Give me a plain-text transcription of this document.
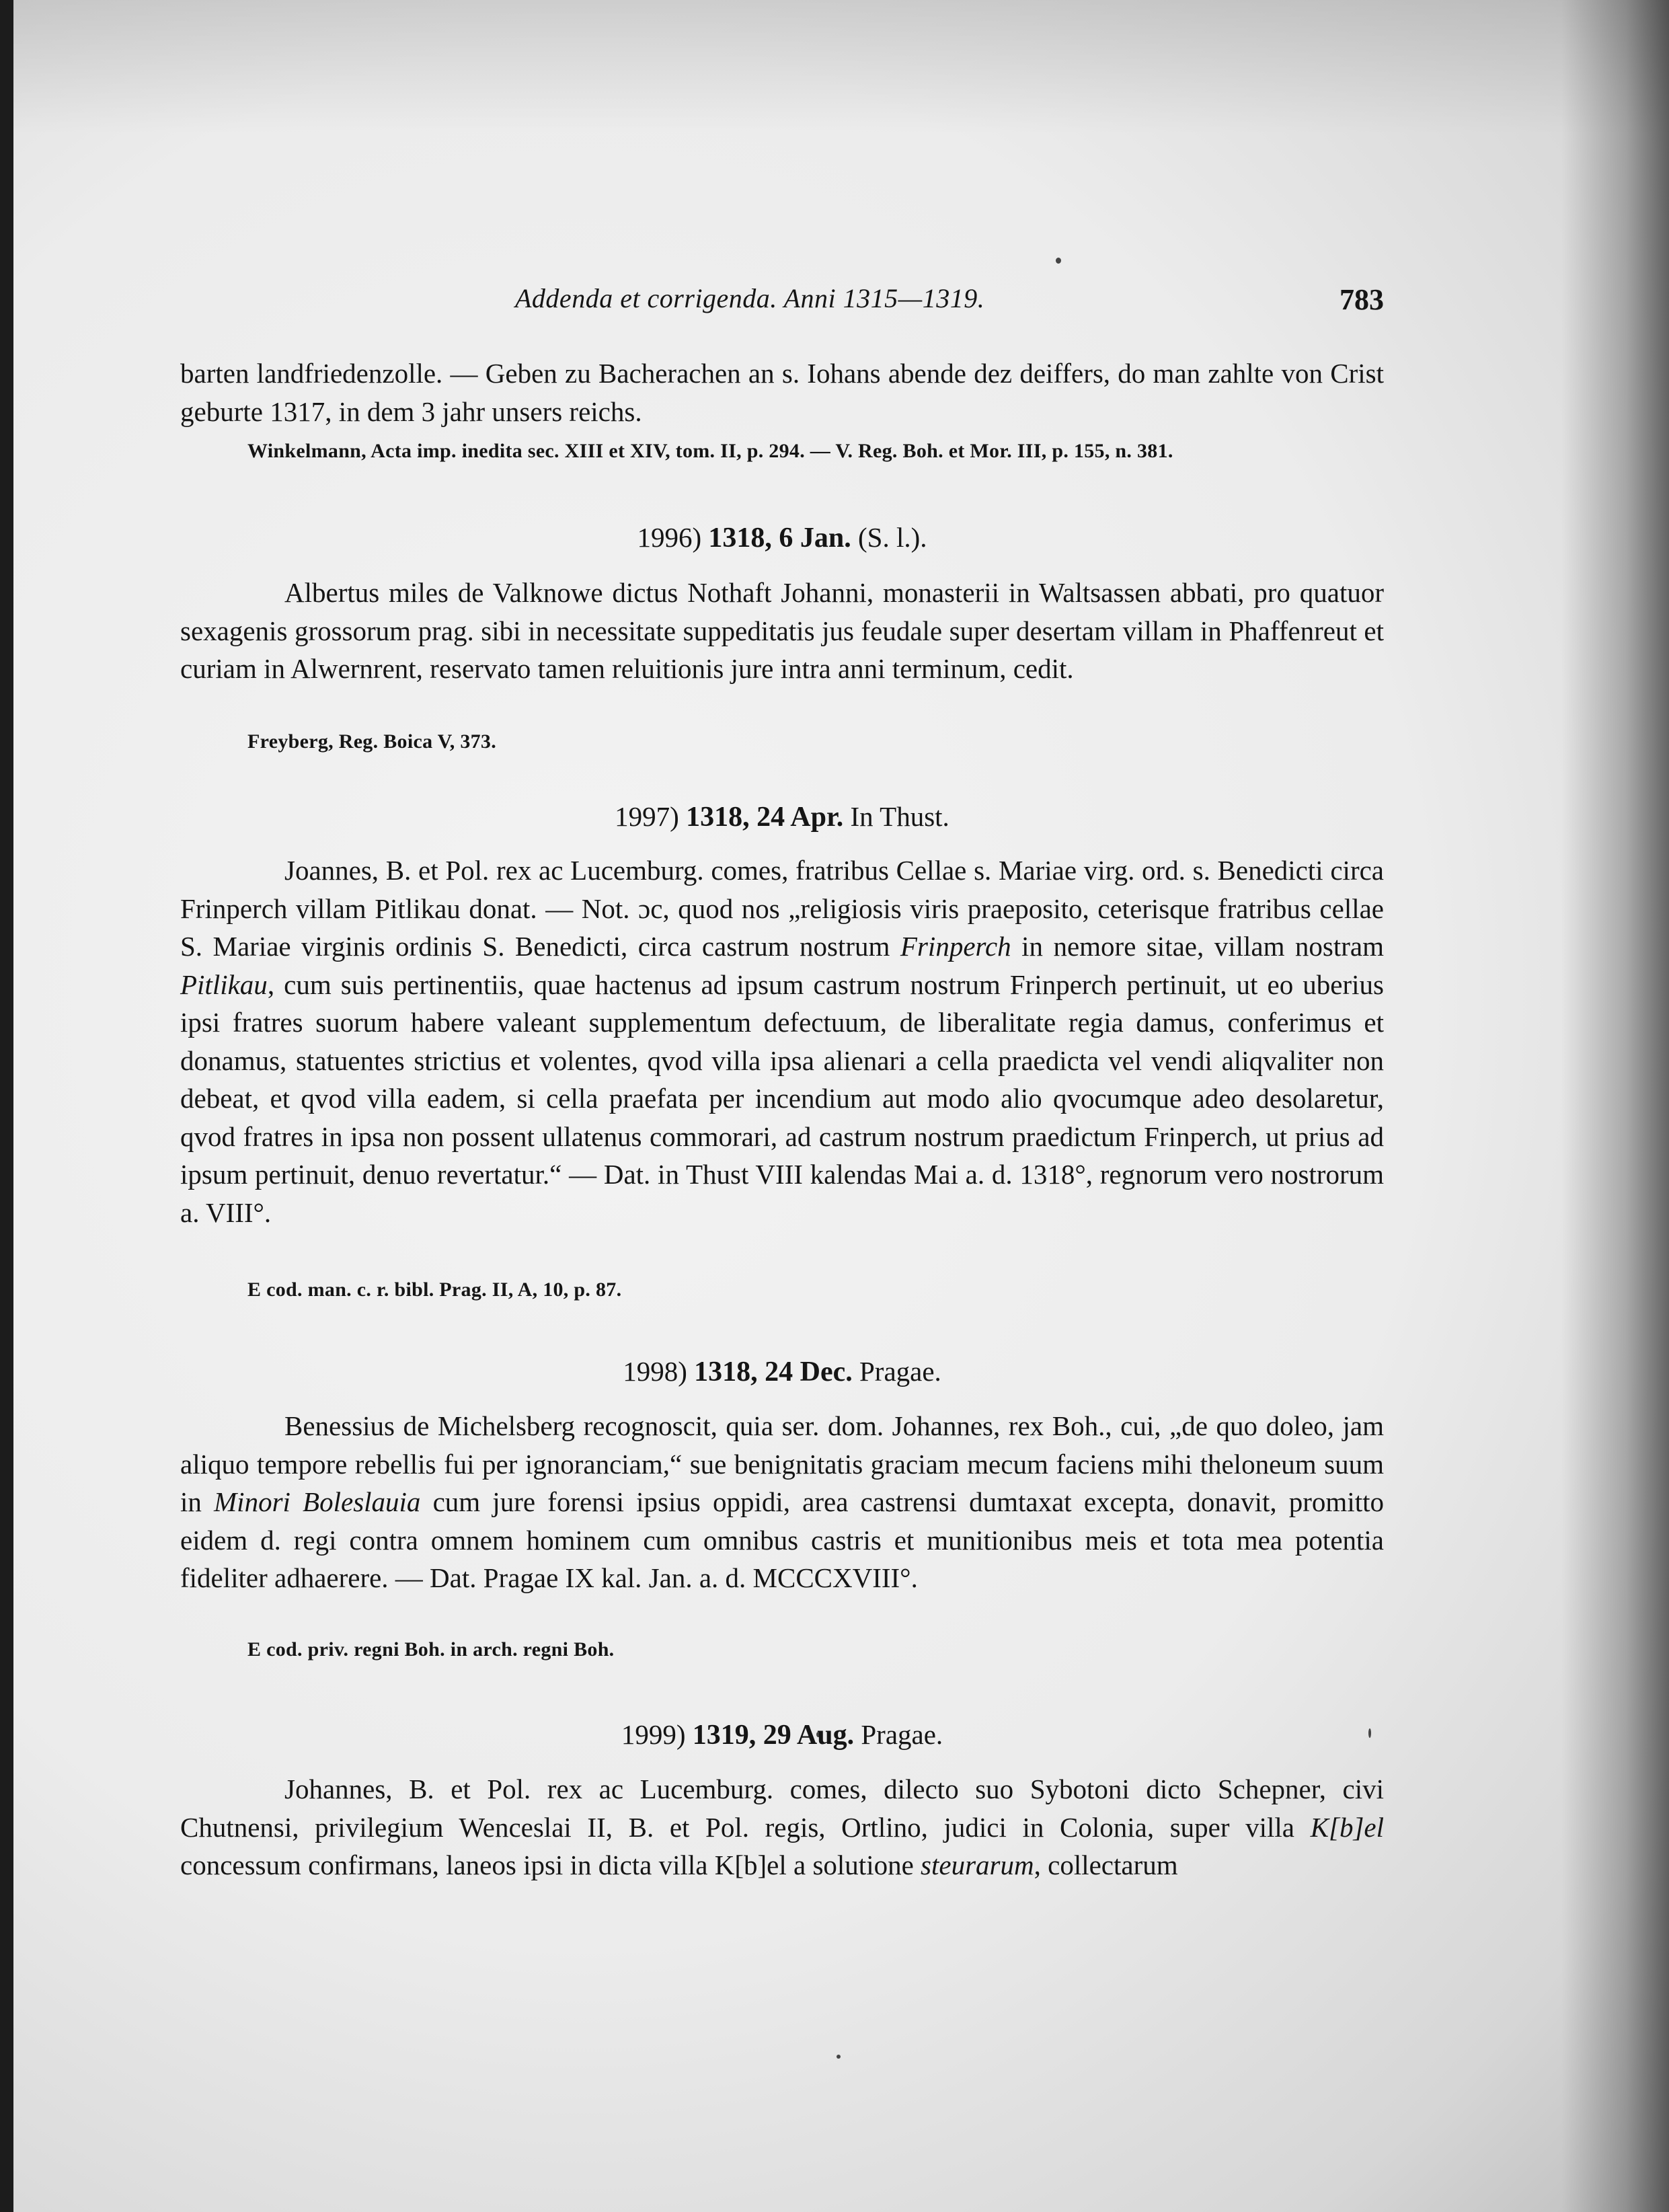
Addenda et corrigenda. Anni 1315—1319.	783

barten landfriedenzolle. — Geben zu Bacherachen an s. Iohans abende dez deiffers, do man zahlte von Crist geburte 1317, in dem 3 jahr unsers reichs.

Winkelmann, Acta imp. inedita sec. XIII et XIV, tom. II, p. 294. — V. Reg. Boh. et Mor. III, p. 155, n. 381.

1996) 1318, 6 Jan. (S. l.).

Albertus miles de Valknowe dictus Nothaft Johanni, monasterii in Waltsassen abbati, pro quatuor sexagenis grossorum prag. sibi in necessitate suppeditatis jus feudale super desertam villam in Phaffenreut et curiam in Alwernrent, reservato tamen reluitionis jure intra anni terminum, cedit.

Freyberg, Reg. Boica V, 373.

1997) 1318, 24 Apr. In Thust.

Joannes, B. et Pol. rex ac Lucemburg. comes, fratribus Cellae s. Mariae virg. ord. s. Benedicti circa Frinperch villam Pitlikau donat. — Not. ɔc, quod nos „religiosis viris praeposito, ceterisque fratribus cellae S. Mariae virginis ordinis S. Benedicti, circa castrum nostrum Frinperch in nemore sitae, villam nostram Pitlikau, cum suis pertinentiis, quae hactenus ad ipsum castrum nostrum Frinperch pertinuit, ut eo uberius ipsi fratres suorum habere valeant supplementum defectuum, de liberalitate regia damus, conferimus et donamus, statuentes strictius et volentes, qvod villa ipsa alienari a cella praedicta vel vendi aliqvaliter non debeat, et qvod villa eadem, si cella praefata per incendium aut modo alio qvocumque adeo desolaretur, qvod fratres in ipsa non possent ullatenus commorari, ad castrum nostrum praedictum Frinperch, ut prius ad ipsum pertinuit, denuo revertatur.“ — Dat. in Thust VIII kalendas Mai a. d. 1318°, regnorum vero nostrorum a. VIII°.

E cod. man. c. r. bibl. Prag. II, A, 10, p. 87.

1998) 1318, 24 Dec. Pragae.

Benessius de Michelsberg recognoscit, quia ser. dom. Johannes, rex Boh., cui, „de quo doleo, jam aliquo tempore rebellis fui per ignoranciam,“ sue benignitatis graciam mecum faciens mihi theloneum suum in Minori Boleslauia cum jure forensi ipsius oppidi, area castrensi dumtaxat excepta, donavit, promitto eidem d. regi contra omnem hominem cum omnibus castris et munitionibus meis et tota mea potentia fideliter adhaerere. — Dat. Pragae IX kal. Jan. a. d. MCCCXVIII°.

E cod. priv. regni Boh. in arch. regni Boh.

1999) 1319, 29 Aug. Pragae.

Johannes, B. et Pol. rex ac Lucemburg. comes, dilecto suo Sybotoni dicto Schepner, civi Chutnensi, privilegium Wenceslai II, B. et Pol. regis, Ortlino, judici in Colonia, super villa K[b]el concessum confirmans, laneos ipsi in dicta villa K[b]el a solutione steurarum, collectarum
